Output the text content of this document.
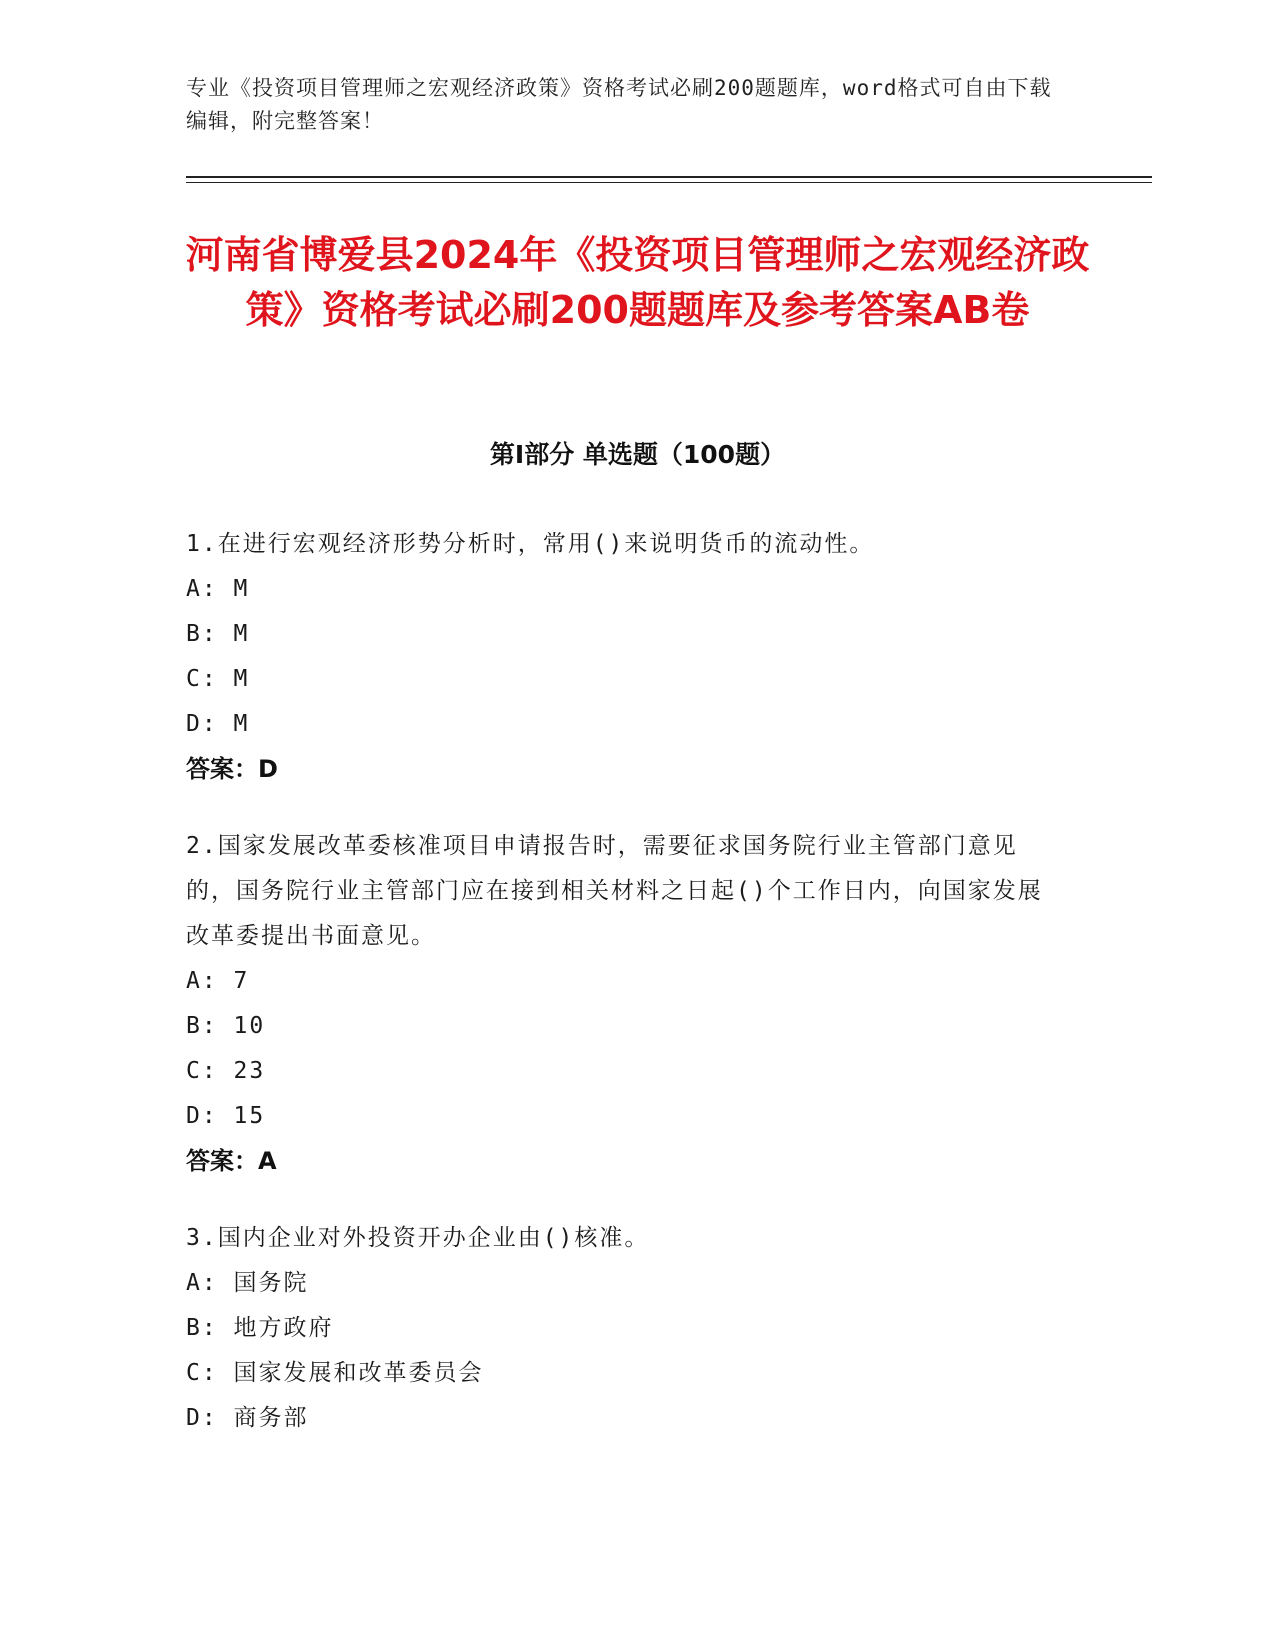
专业《投资项目管理师之宏观经济政策》资格考试必刷200题题库，word格式可自由下载编辑，附完整答案！
河南省博爱县2024年《投资项目管理师之宏观经济政策》资格考试必刷200题题库及参考答案AB卷
第Ⅰ部分 单选题（100题）
1.在进行宏观经济形势分析时，常用()来说明货币的流动性。
A: M
B: M
C: M
D: M
答案：D
2.国家发展改革委核准项目申请报告时，需要征求国务院行业主管部门意见的，国务院行业主管部门应在接到相关材料之日起()个工作日内，向国家发展改革委提出书面意见。
A: 7
B: 10
C: 23
D: 15
答案：A
3.国内企业对外投资开办企业由()核准。
A: 国务院
B: 地方政府
C: 国家发展和改革委员会
D: 商务部
